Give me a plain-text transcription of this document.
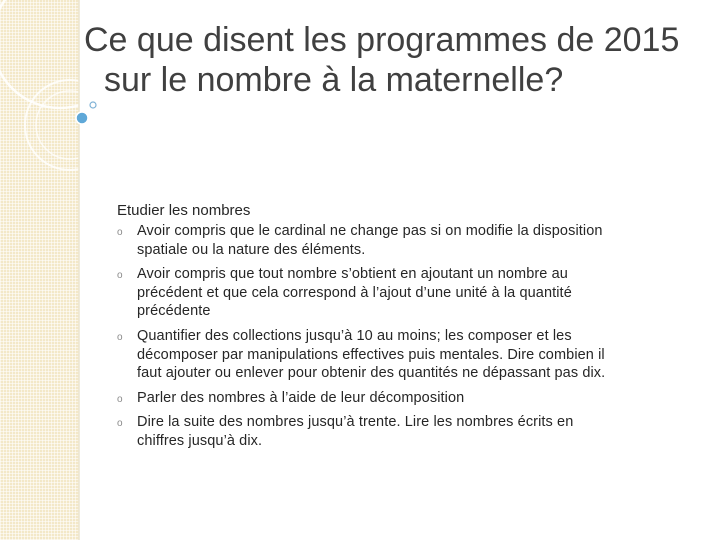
Ce que disent les programmes de 2015 sur le nombre à la maternelle?

Etudier les nombres

o Avoir compris que le cardinal ne change pas si on modifie la disposition spatiale ou la nature des éléments.
o Avoir compris que tout nombre s’obtient en ajoutant un nombre au précédent et que cela correspond à l’ajout d’une unité à la quantité précédente
o Quantifier des collections jusqu’à 10 au moins; les composer et les décomposer par manipulations effectives puis mentales. Dire combien il faut ajouter ou enlever pour obtenir des quantités ne dépassant pas dix.
o Parler des nombres à l’aide de leur décomposition
o Dire la suite des nombres jusqu’à trente. Lire les nombres écrits en chiffres jusqu’à dix.
